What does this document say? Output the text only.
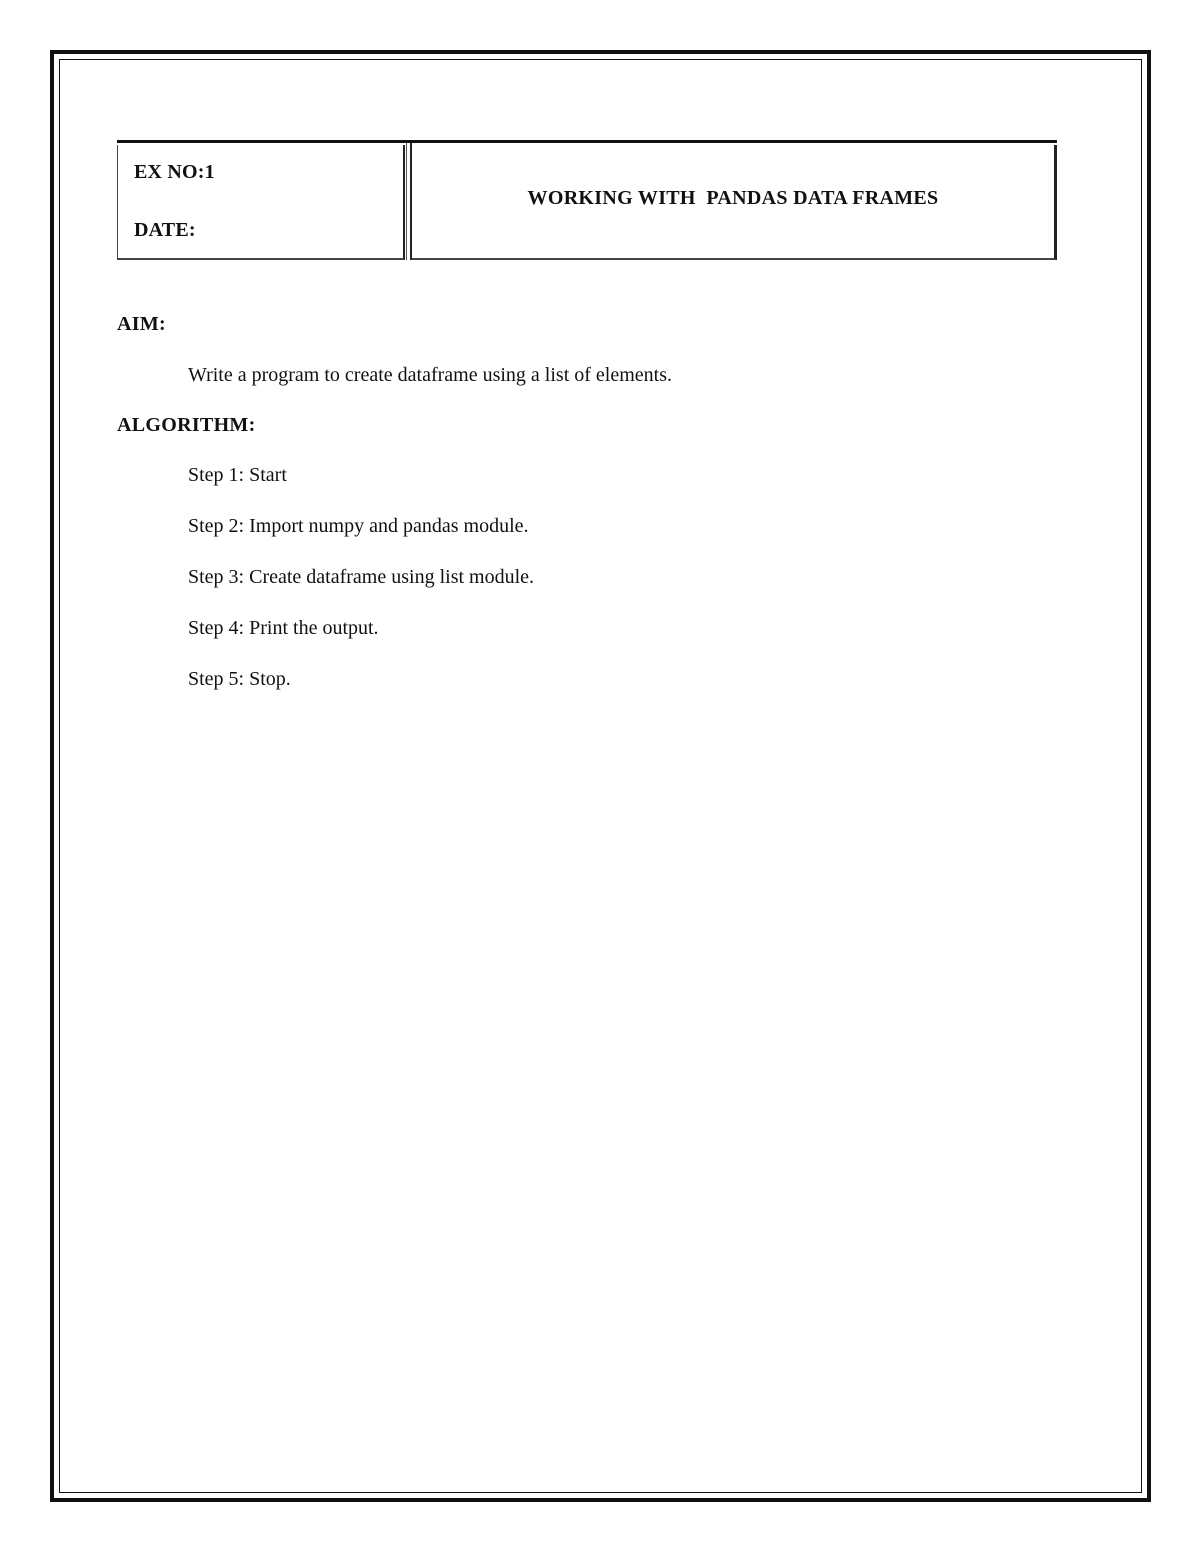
EX NO:1
DATE:
WORKING WITH  PANDAS DATA FRAMES
AIM:
Write a program to create dataframe using a list of elements.
ALGORITHM:
Step 1: Start
Step 2: Import numpy and pandas module.
Step 3: Create dataframe using list module.
Step 4: Print the output.
Step 5: Stop.
